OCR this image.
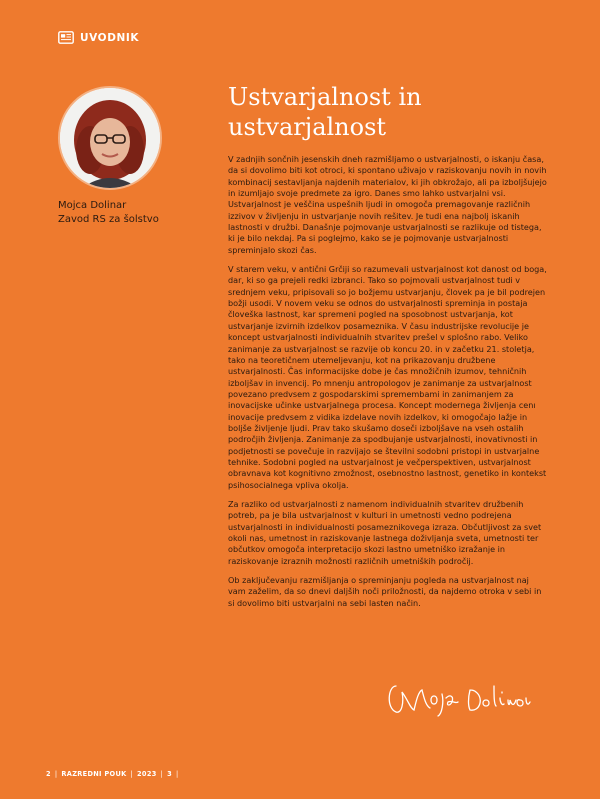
UVODNIK
Mojca Dolinar
Zavod RS za šolstvo
Ustvarjalnost in
ustvarjalnost

V zadnjih sončnih jesenskih dneh razmišljamo o ustvarjalnosti, o iskanju časa, da si dovolimo biti kot otroci, ki spontano uživajo v raziskovanju novih in novih kombinacij sestavljanja najdenih materialov, ki jih obkrožajo, ali pa izboljšujejo in izumljajo svoje predmete za igro. Danes smo lahko ustvarjalni vsi. Ustvarjalnost je veščina uspešnih ljudi in omogoča premagovanje različnih izzivov v življenju in ustvarjanje novih rešitev. Je tudi ena najbolj iskanih lastnosti v družbi. Današnje pojmovanje ustvarjalnosti se razlikuje od tistega, ki je bilo nekdaj. Pa si poglejmo, kako se je pojmovanje ustvarjalnosti spreminjalo skozi čas.

V starem veku, v antični Grčiji so razumevali ustvarjalnost kot danost od boga, dar, ki so ga prejeli redki izbranci. Tako so pojmovali ustvarjalnost tudi v srednjem veku, pripisovali so jo božjemu ustvarjanju, človek pa je bil podrejen božji usodi. V novem veku se odnos do ustvarjalnosti spreminja in postaja človeška lastnost, kar spremeni pogled na sposobnost ustvarjanja, kot ustvarjanje izvirnih izdelkov posameznika. V času industrijske revolucije je koncept ustvarjalnosti individualnih stvaritev prešel v splošno rabo. Veliko zanimanje za ustvarjalnost se razvije ob koncu 20. in v začetku 21. stoletja, tako na teoretičnem utemeljevanju, kot na prikazovanju družbene ustvarjalnosti. Čas informacijske dobe je čas množičnih izumov, tehničnih izboljšav in invencij. Po mnenju antropologov je zanimanje za ustvarjalnost povezano predvsem z gospodarskimi spremembami in zanimanjem za inovacijske učinke ustvarjalnega procesa. Koncept modernega življenja cenı inovacije predvsem z vidika izdelave novih izdelkov, ki omogočajo lažje in boljše življenje ljudi. Prav tako skušamo doseči izboljšave na vseh ostalih področjih življenja. Zanimanje za spodbujanje ustvarjalnosti, inovativnosti in podjetnosti se povečuje in razvijajo se številni sodobni pristopi in ustvarjalne tehnike. Sodobni pogled na ustvarjalnost je večperspektiven, ustvarjalnost obravnava kot kognitivno zmožnost, osebnostno lastnost, genetiko in kontekst psihosocialnega vpliva okolja.

Za razliko od ustvarjalnosti z namenom individualnih stvaritev družbenih potreb, pa je bila ustvarjalnost v kulturi in umetnosti vedno podrejena ustvarjalnosti in individualnosti posameznikovega izraza. Občutljivost za svet okoli nas, umetnost in raziskovanje lastnega doživljanja sveta, umetnosti ter občutkov omogoča interpretacijo skozi lastno umetniško izražanje in raziskovanje izraznih možnosti različnih umetniških področij.

Ob zaključevanju razmišljanja o spreminjanju pogleda na ustvarjalnost naj vam zaželim, da so dnevi daljših noči priložnosti, da najdemo otroka v sebi in si dovolimo biti ustvarjalni na sebi lasten način.

2 | RAZREDNI POUK | 2023 | 3 |
